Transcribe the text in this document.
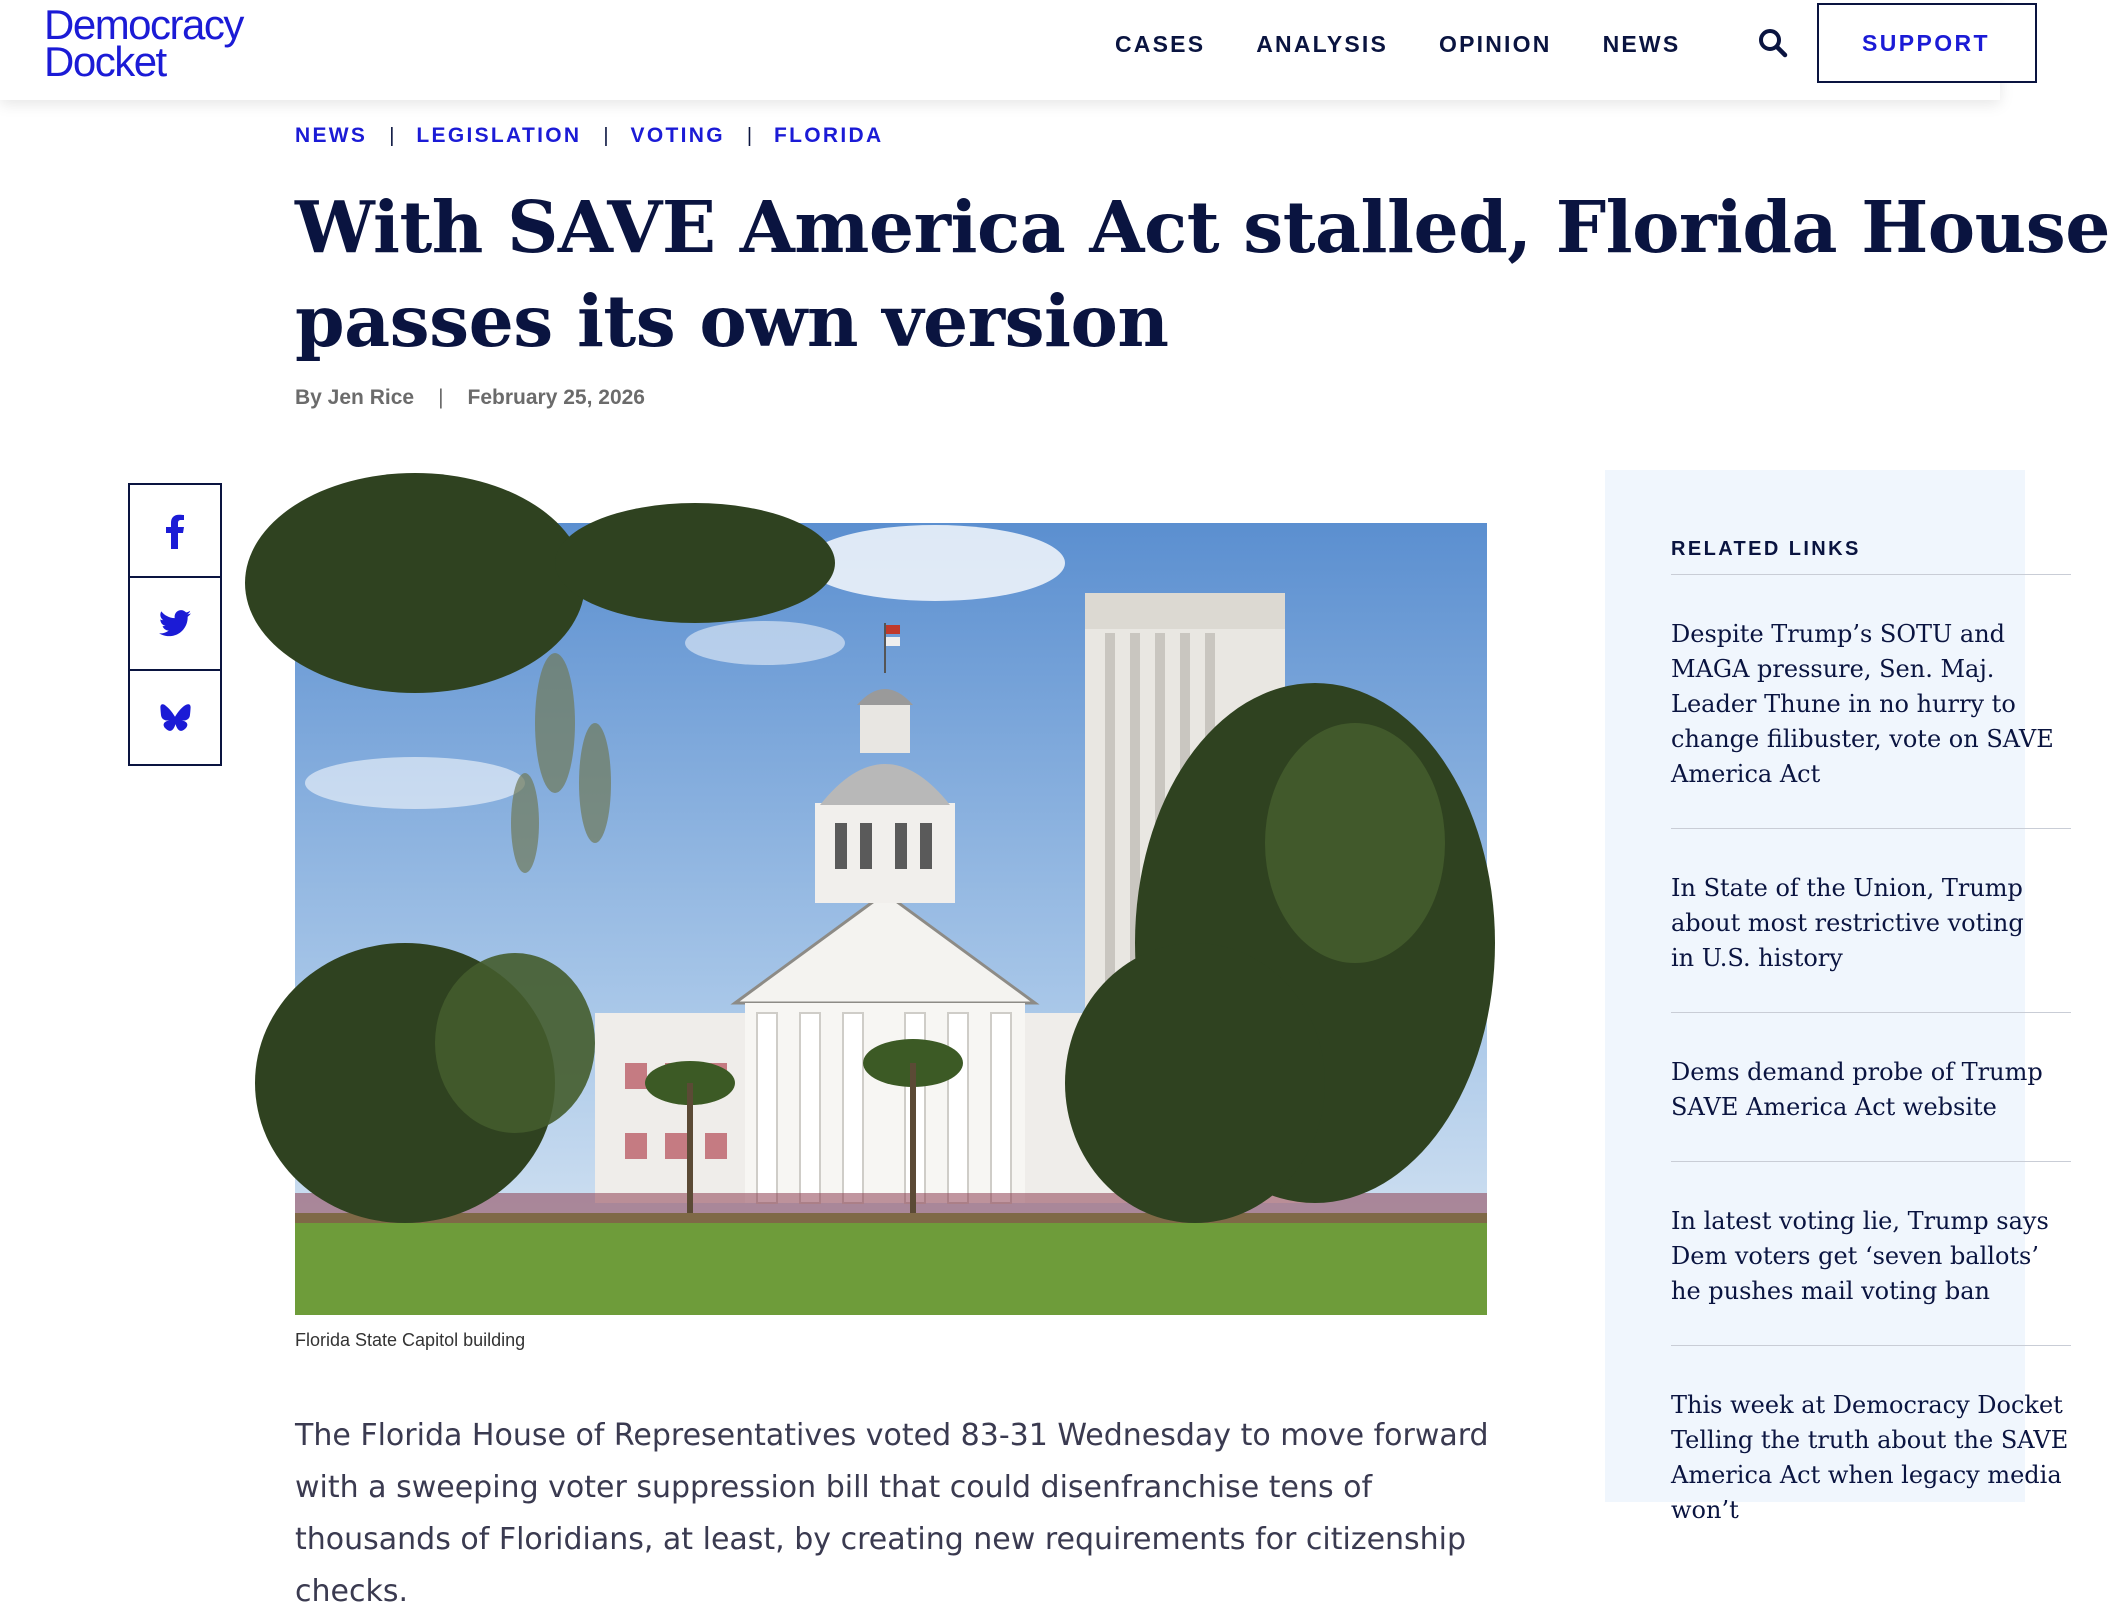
Democracy
Docket	CASES ANALYSIS OPINION NEWS	SUPPORT
NEWS | LEGISLATION | VOTING | FLORIDA
With SAVE America Act stalled, Florida House
passes its own version
By Jen Rice | February 25, 2026
Florida State Capitol building

The Florida House of Representatives voted 83-31 Wednesday to move forward with a sweeping voter suppression bill that could disenfranchise tens of thousands of Floridians, at least, by creating new requirements for citizenship checks.

RELATED LINKS
Despite Trump’s SOTU and
MAGA pressure, Sen. Maj.
Leader Thune in no hurry to
change filibuster, vote on SAVE
America Act
In State of the Union, Trump
about most restrictive voting
in U.S. history
Dems demand probe of Trump
SAVE America Act website
In latest voting lie, Trump says
Dem voters get ‘seven ballots’
he pushes mail voting ban
This week at Democracy Docket
Telling the truth about the SAVE
America Act when legacy media
won’t
